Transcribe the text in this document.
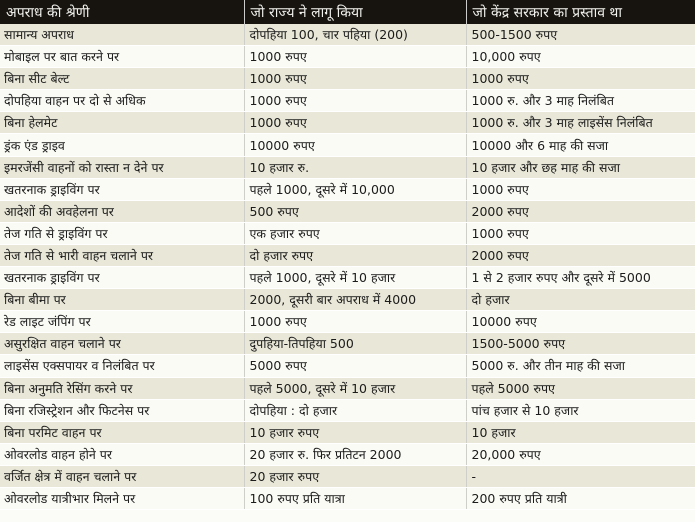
अपराध की श्रेणी	जो राज्य ने लागू किया	जो केंद्र सरकार का प्रस्ताव था
सामान्य अपराध	दोपहिया 100, चार पहिया (200)	500-1500 रुपए
मोबाइल पर बात करने पर	1000 रुपए	10,000 रुपए
बिना सीट बेल्ट	1000 रुपए	1000 रुपए
दोपहिया वाहन पर दो से अधिक	1000 रुपए	1000 रु. और 3 माह निलंबित
बिना हेलमेट	1000 रुपए	1000 रु. और 3 माह लाइसेंस निलंबित
ड्रंक एंड ड्राइव	10000 रुपए	10000 और 6 माह की सजा
इमरजेंसी वाहनों को रास्ता न देने पर	10 हजार रु.	10 हजार और छह माह की सजा
खतरनाक ड्राइविंग पर	पहले 1000, दूसरे में 10,000	1000 रुपए
आदेशों की अवहेलना पर	500 रुपए	2000 रुपए
तेज गति से ड्राइविंग पर	एक हजार रुपए	1000 रुपए
तेज गति से भारी वाहन चलाने पर	दो हजार रुपए	2000 रुपए
खतरनाक ड्राइविंग पर	पहले 1000, दूसरे में 10 हजार	1 से 2 हजार रुपए और दूसरे में 5000
बिना बीमा पर	2000, दूसरी बार अपराध में 4000	दो हजार
रेड लाइट जंपिंग पर	1000 रुपए	10000 रुपए
असुरक्षित वाहन चलाने पर	दुपहिया-तिपहिया 500	1500-5000 रुपए
लाइसेंस एक्सपायर व निलंबित पर	5000 रुपए	5000 रु. और तीन माह की सजा
बिना अनुमति रेसिंग करने पर	पहले 5000, दूसरे में 10 हजार	पहले 5000 रुपए
बिना रजिस्ट्रेशन और फिटनेस पर	दोपहिया : दो हजार	पांच हजार से 10 हजार
बिना परमिट वाहन पर	10 हजार रुपए	10 हजार
ओवरलोड वाहन होने पर	20 हजार रु. फिर प्रतिटन 2000	20,000 रुपए
वर्जित क्षेत्र में वाहन चलाने पर	20 हजार रुपए	-
ओवरलोड यात्रीभार मिलने पर	100 रुपए प्रति यात्रा	200 रुपए प्रति यात्री
